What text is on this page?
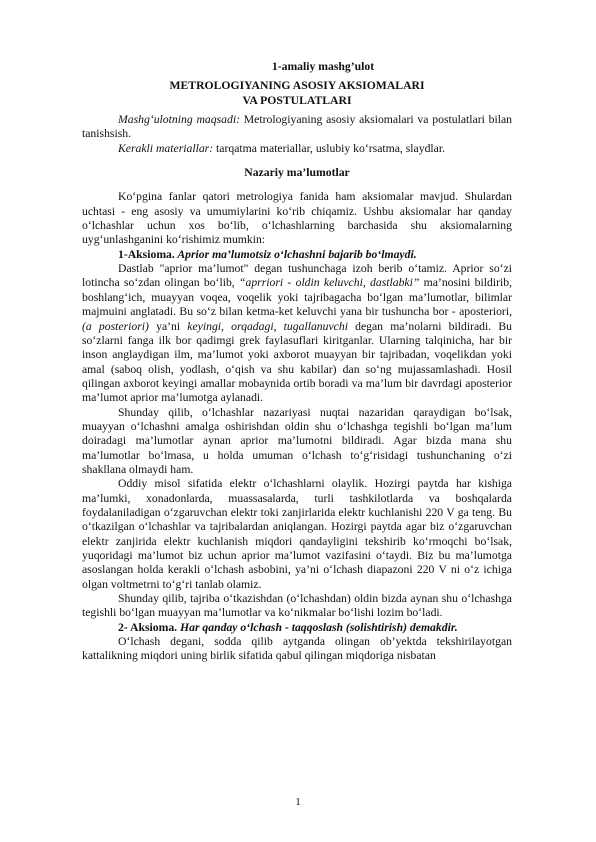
1-amaliy mashg’ulot
METROLOGIYANING ASOSIY AKSIOMALARI
VA POSTULATLARI

Mashg‘ulotning maqsadi: Metrologiyaning asosiy aksiomalari va postulatlari bilan tanishsish.

Kerakli materiallar: tarqatma materiallar, uslubiy ko‘rsatma, slaydlar.

Nazariy ma’lumotlar

Ko‘pgina fanlar qatori metrologiya fanida ham aksiomalar mavjud. Shulardan uchtasi - eng asosiy va umumiylarini ko‘rib chiqamiz. Ushbu aksiomalar har qanday o‘lchashlar uchun xos bo‘lib, o‘lchashlarning barchasida shu aksiomalarning uyg‘unlashganini ko‘rishimiz mumkin:

1-Aksioma. Aprior ma’lumotsiz o‘lchashni bajarib bo‘lmaydi.

Dastlab "aprior ma’lumot" degan tushunchaga izoh berib o‘tamiz. Aprior so‘zi lotincha so‘zdan olingan bo‘lib, “aprriori - oldin keluvchi, dastlabki” ma’nosini bildirib, boshlang‘ich, muayyan voqea, voqelik yoki tajribagacha bo‘lgan ma’lumotlar, bilimlar majmuini anglatadi. Bu so‘z bilan ketma-ket keluvchi yana bir tushuncha bor - aposteriori, (a posteriori) ya’ni keyingi, orqadagi, tugallanuvchi degan ma’nolarni bildiradi. Bu so‘zlarni fanga ilk bor qadimgi grek faylasuflari kiritganlar. Ularning talqinicha, har bir inson anglaydigan ilm, ma’lumot yoki axborot muayyan bir tajribadan, voqelikdan yoki amal (saboq olish, yodlash, o‘qish va shu kabilar) dan so‘ng mujassamlashadi. Hosil qilingan axborot keyingi amallar mobaynida ortib boradi va ma’lum bir davrdagi aposterior ma’lumot aprior ma’lumotga aylanadi.

Shunday qilib, o‘lchashlar nazariyasi nuqtai nazaridan qaraydigan bo‘lsak, muayyan o‘lchashni amalga oshirishdan oldin shu o‘lchashga tegishli bo‘lgan ma’lum doiradagi ma’lumotlar aynan aprior ma’lumotni bildiradi. Agar bizda mana shu ma’lumotlar bo‘lmasa, u holda umuman o‘lchash to‘g‘risidagi tushunchaning o‘zi shakllana olmaydi ham.

Oddiy misol sifatida elektr o‘lchashlarni olaylik. Hozirgi paytda har kishiga ma’lumki, xonadonlarda, muassasalarda, turli tashkilotlarda va boshqalarda foydalaniladigan o‘zgaruvchan elektr toki zanjirlarida elektr kuchlanishi 220 V ga teng. Bu o‘tkazilgan o‘lchashlar va tajribalardan aniqlangan. Hozirgi paytda agar biz o‘zgaruvchan elektr zanjirida elektr kuchlanish miqdori qandayligini tekshirib ko‘rmoqchi bo‘lsak, yuqoridagi ma’lumot biz uchun aprior ma’lumot vazifasini o‘taydi. Biz bu ma’lumotga asoslangan holda kerakli o‘lchash asbobini, ya’ni o‘lchash diapazoni 220 V ni o‘z ichiga olgan voltmetrni to‘g‘ri tanlab olamiz.

Shunday qilib, tajriba o‘tkazishdan (o‘lchashdan) oldin bizda aynan shu o‘lchashga tegishli bo‘lgan muayyan ma’lumotlar va ko‘nikmalar bo‘lishi lozim bo‘ladi.

2- Aksioma. Har qanday o‘lchash - taqqoslash (solishtirish) demakdir.

O‘lchash degani, sodda qilib aytganda olingan ob’yektda tekshirilayotgan kattalikning miqdori uning birlik sifatida qabul qilingan miqdoriga nisbatan

1
